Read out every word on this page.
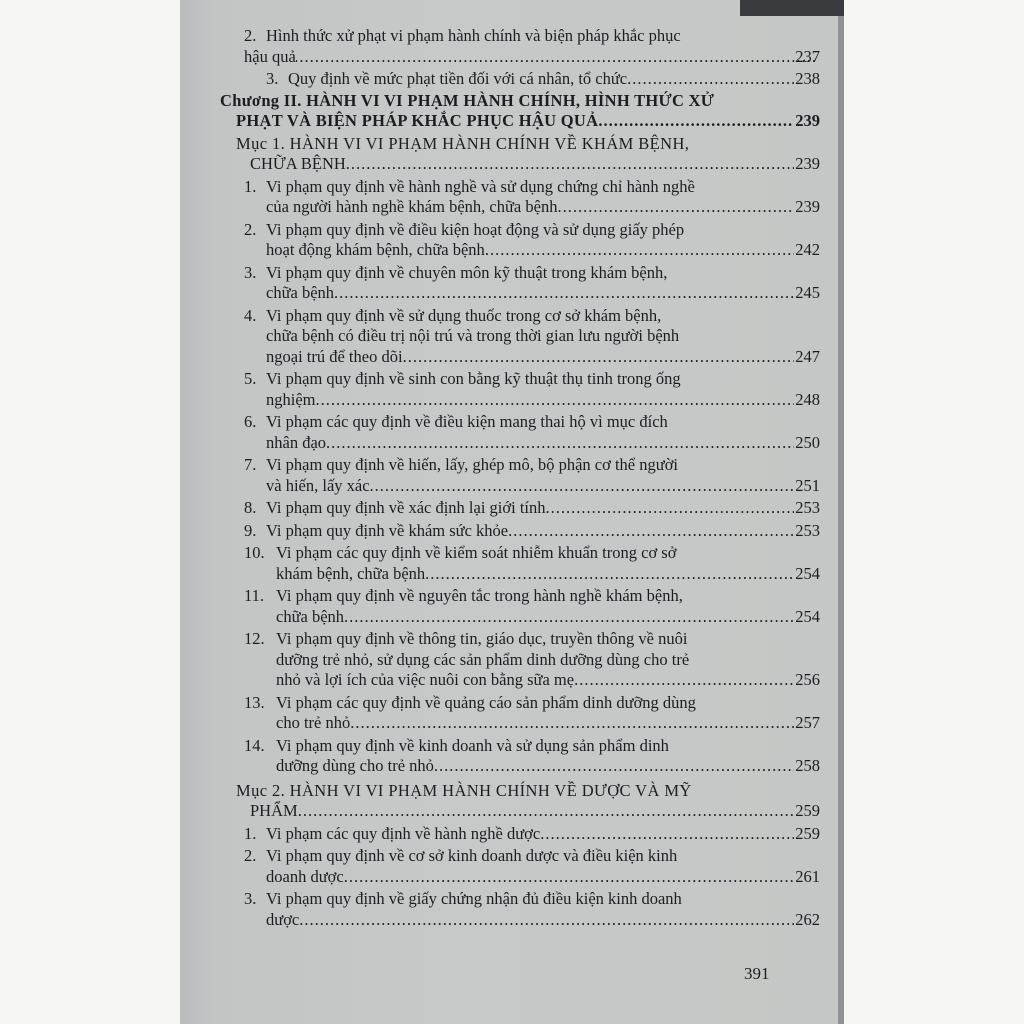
2. Hình thức xử phạt vi phạm hành chính và biện pháp khắc phục
hậu quả .....	237
3. Quy định về mức phạt tiền đối với cá nhân, tổ chức .....	238
Chương II. HÀNH VI VI PHẠM HÀNH CHÍNH, HÌNH THỨC XỬ
PHẠT VÀ BIỆN PHÁP KHẮC PHỤC HẬU QUẢ .....	239
Mục 1. HÀNH VI VI PHẠM HÀNH CHÍNH VỀ KHÁM BỆNH,
CHỮA BỆNH .....	239
1. Vi phạm quy định về hành nghề và sử dụng chứng chỉ hành nghề
của người hành nghề khám bệnh, chữa bệnh .....	239
2. Vi phạm quy định về điều kiện hoạt động và sử dụng giấy phép
hoạt động khám bệnh, chữa bệnh .....	242
3. Vi phạm quy định về chuyên môn kỹ thuật trong khám bệnh,
chữa bệnh .....	245
4. Vi phạm quy định về sử dụng thuốc trong cơ sở khám bệnh,
chữa bệnh có điều trị nội trú và trong thời gian lưu người bệnh
ngoại trú để theo dõi .....	247
5. Vi phạm quy định về sinh con bằng kỹ thuật thụ tinh trong ống
nghiệm .....	248
6. Vi phạm các quy định về điều kiện mang thai hộ vì mục đích
nhân đạo .....	250
7. Vi phạm quy định về hiến, lấy, ghép mô, bộ phận cơ thể người
và hiến, lấy xác .....	251
8. Vi phạm quy định về xác định lại giới tính .....	253
9. Vi phạm quy định về khám sức khỏe .....	253
10. Vi phạm các quy định về kiểm soát nhiễm khuẩn trong cơ sở
khám bệnh, chữa bệnh .....	254
11. Vi phạm quy định về nguyên tắc trong hành nghề khám bệnh,
chữa bệnh .....	254
12. Vi phạm quy định về thông tin, giáo dục, truyền thông về nuôi
dưỡng trẻ nhỏ, sử dụng các sản phẩm dinh dưỡng dùng cho trẻ
nhỏ và lợi ích của việc nuôi con bằng sữa mẹ .....	256
13. Vi phạm các quy định về quảng cáo sản phẩm dinh dưỡng dùng
cho trẻ nhỏ .....	257
14. Vi phạm quy định về kinh doanh và sử dụng sản phẩm dinh
dưỡng dùng cho trẻ nhỏ .....	258
Mục 2. HÀNH VI VI PHẠM HÀNH CHÍNH VỀ DƯỢC VÀ MỸ
PHẨM .....	259
1. Vi phạm các quy định về hành nghề dược .....	259
2. Vi phạm quy định về cơ sở kinh doanh dược và điều kiện kinh
doanh dược .....	261
3. Vi phạm quy định về giấy chứng nhận đủ điều kiện kinh doanh
dược .....	262
391
